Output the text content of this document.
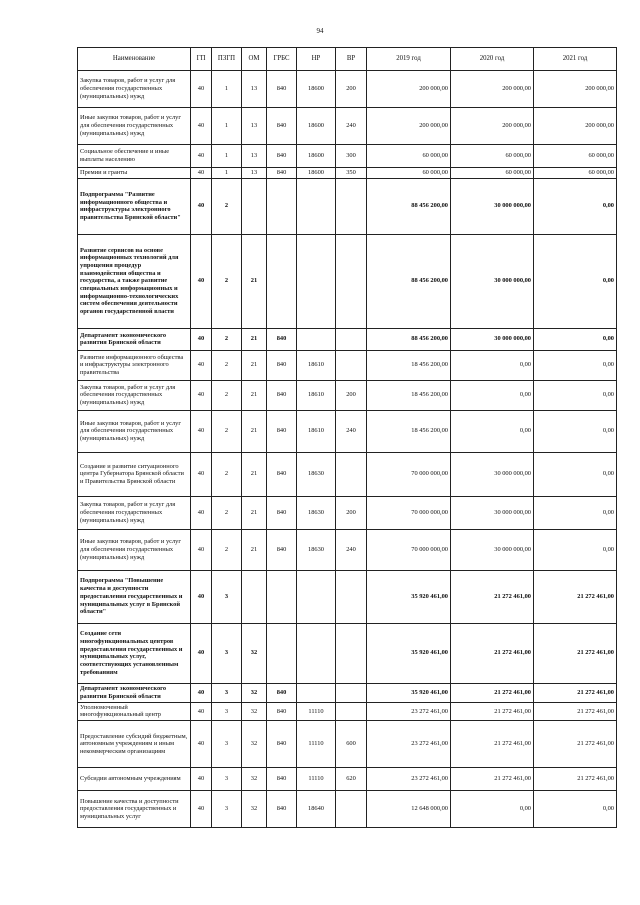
94
Наименование	ГП	ПЗГП	ОМ	ГРБС	НР	ВР	2019 год	2020 год	2021 год
Закупка товаров, работ и услуг для обеспечения государственных (муниципальных) нужд	40	1	13	840	18600	200	200 000,00	200 000,00	200 000,00
Иные закупки товаров, работ и услуг для обеспечения государственных (муниципальных) нужд	40	1	13	840	18600	240	200 000,00	200 000,00	200 000,00
Социальное обеспечение и иные выплаты населению	40	1	13	840	18600	300	60 000,00	60 000,00	60 000,00
Премии и гранты	40	1	13	840	18600	350	60 000,00	60 000,00	60 000,00
Подпрограмма "Развитие информационного общества и инфраструктуры электронного правительства Брянской области"	40	2					88 456 200,00	30 000 000,00	0,00
Развитие сервисов на основе информационных технологий для упрощения процедур взаимодействия общества и государства, а также развитие специальных информационных и информационно-технологических систем обеспечения деятельности органов государственной власти	40	2	21				88 456 200,00	30 000 000,00	0,00
Департамент экономического развития Брянской области	40	2	21	840			88 456 200,00	30 000 000,00	0,00
Развитие информационного общества и инфраструктуры электронного правительства	40	2	21	840	18610		18 456 200,00	0,00	0,00
Закупка товаров, работ и услуг для обеспечения государственных (муниципальных) нужд	40	2	21	840	18610	200	18 456 200,00	0,00	0,00
Иные закупки товаров, работ и услуг для обеспечения государственных (муниципальных) нужд	40	2	21	840	18610	240	18 456 200,00	0,00	0,00
Создание и развитие ситуационного центра Губернатора Брянской области и Правительства Брянской области	40	2	21	840	18630		70 000 000,00	30 000 000,00	0,00
Закупка товаров, работ и услуг для обеспечения государственных (муниципальных) нужд	40	2	21	840	18630	200	70 000 000,00	30 000 000,00	0,00
Иные закупки товаров, работ и услуг для обеспечения государственных (муниципальных) нужд	40	2	21	840	18630	240	70 000 000,00	30 000 000,00	0,00
Подпрограмма "Повышение качества и доступности предоставления государственных и муниципальных услуг в Брянской области"	40	3					35 920 461,00	21 272 461,00	21 272 461,00
Создание сети многофункциональных центров предоставления государственных и муниципальных услуг, соответствующих установленным требованиям	40	3	32				35 920 461,00	21 272 461,00	21 272 461,00
Департамент экономического развития Брянской области	40	3	32	840			35 920 461,00	21 272 461,00	21 272 461,00
Уполномоченный многофункциональный центр	40	3	32	840	11110		23 272 461,00	21 272 461,00	21 272 461,00
Предоставление субсидий бюджетным, автономным учреждениям и иным некоммерческим организациям	40	3	32	840	11110	600	23 272 461,00	21 272 461,00	21 272 461,00
Субсидии автономным учреждениям	40	3	32	840	11110	620	23 272 461,00	21 272 461,00	21 272 461,00
Повышение качества и доступности предоставления государственных и муниципальных услуг	40	3	32	840	18640		12 648 000,00	0,00	0,00
